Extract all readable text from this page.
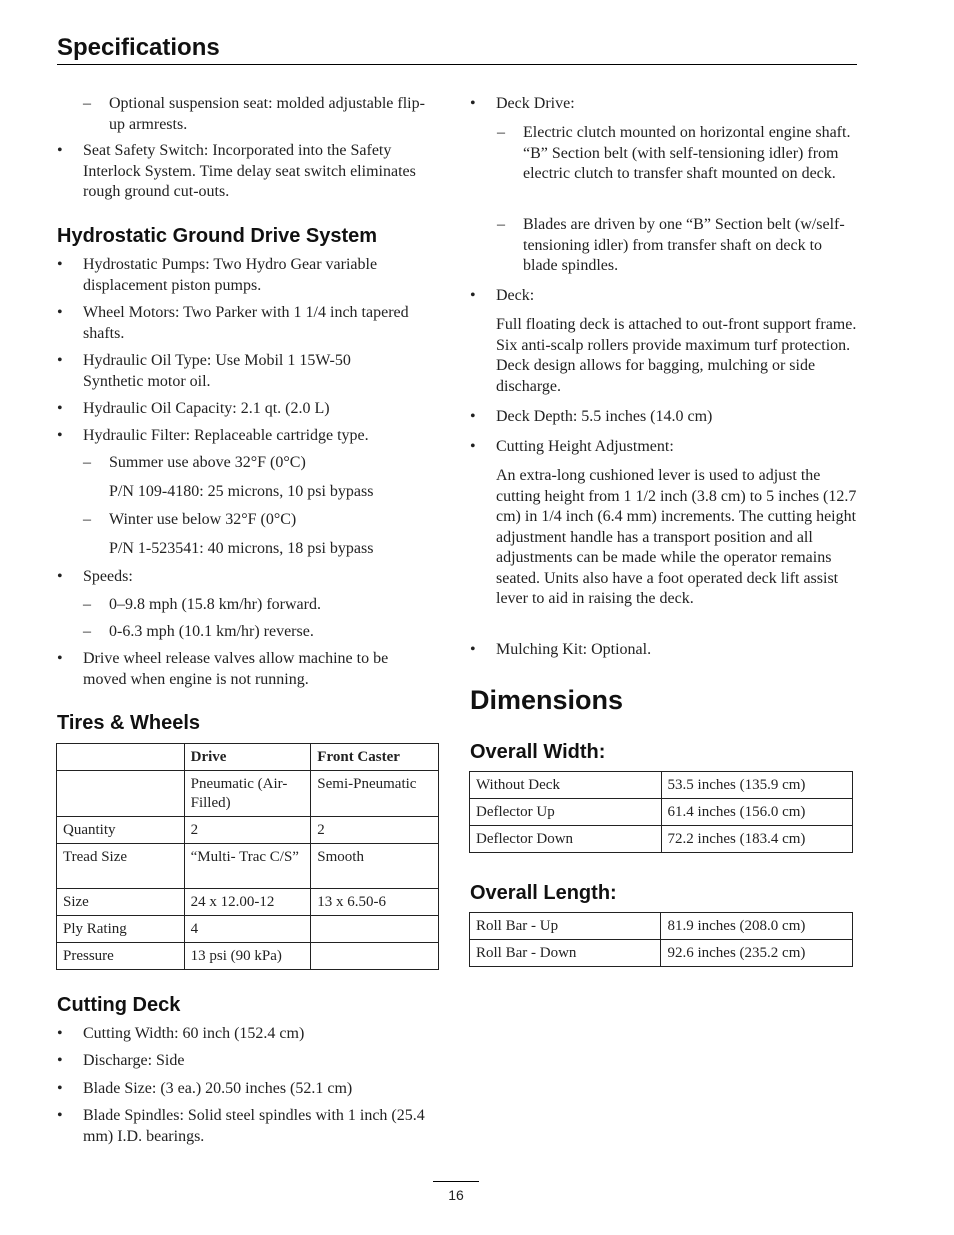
Specifications
– Optional suspension seat: molded adjustable flip-up armrests.
• Seat Safety Switch: Incorporated into the Safety Interlock System. Time delay seat switch eliminates rough ground cut-outs.
Hydrostatic Ground Drive System
• Hydrostatic Pumps: Two Hydro Gear variable displacement piston pumps.
• Wheel Motors: Two Parker with 1 1/4 inch tapered shafts.
• Hydraulic Oil Type: Use Mobil 1 15W-50 Synthetic motor oil.
• Hydraulic Oil Capacity: 2.1 qt. (2.0 L)
• Hydraulic Filter: Replaceable cartridge type.
– Summer use above 32°F (0°C)
P/N 109-4180: 25 microns, 10 psi bypass
– Winter use below 32°F (0°C)
P/N 1-523541: 40 microns, 18 psi bypass
• Speeds:
– 0–9.8 mph (15.8 km/hr) forward.
– 0-6.3 mph (10.1 km/hr) reverse.
• Drive wheel release valves allow machine to be moved when engine is not running.
Tires & Wheels
	Drive	Front Caster
	Pneumatic (Air-Filled)	Semi-Pneumatic
Quantity	2	2
Tread Size	“Multi- Trac C/S”	Smooth
Size	24 x 12.00-12	13 x 6.50-6
Ply Rating	4	
Pressure	13 psi (90 kPa)	
Cutting Deck
• Cutting Width: 60 inch (152.4 cm)
• Discharge: Side
• Blade Size: (3 ea.) 20.50 inches (52.1 cm)
• Blade Spindles: Solid steel spindles with 1 inch (25.4 mm) I.D. bearings.
• Deck Drive:
– Electric clutch mounted on horizontal engine shaft. “B” Section belt (with self-tensioning idler) from electric clutch to transfer shaft mounted on deck.
– Blades are driven by one “B” Section belt (w/self-tensioning idler) from transfer shaft on deck to blade spindles.
• Deck:
Full floating deck is attached to out-front support frame. Six anti-scalp rollers provide maximum turf protection. Deck design allows for bagging, mulching or side discharge.
• Deck Depth: 5.5 inches (14.0 cm)
• Cutting Height Adjustment:
An extra-long cushioned lever is used to adjust the cutting height from 1 1/2 inch (3.8 cm) to 5 inches (12.7 cm) in 1/4 inch (6.4 mm) increments. The cutting height adjustment handle has a transport position and all adjustments can be made while the operator remains seated. Units also have a foot operated deck lift assist lever to aid in raising the deck.
• Mulching Kit: Optional.
Dimensions
Overall Width:
Without Deck	53.5 inches (135.9 cm)
Deflector Up	61.4 inches (156.0 cm)
Deflector Down	72.2 inches (183.4 cm)
Overall Length:
Roll Bar - Up	81.9 inches (208.0 cm)
Roll Bar - Down	92.6 inches (235.2 cm)
16
